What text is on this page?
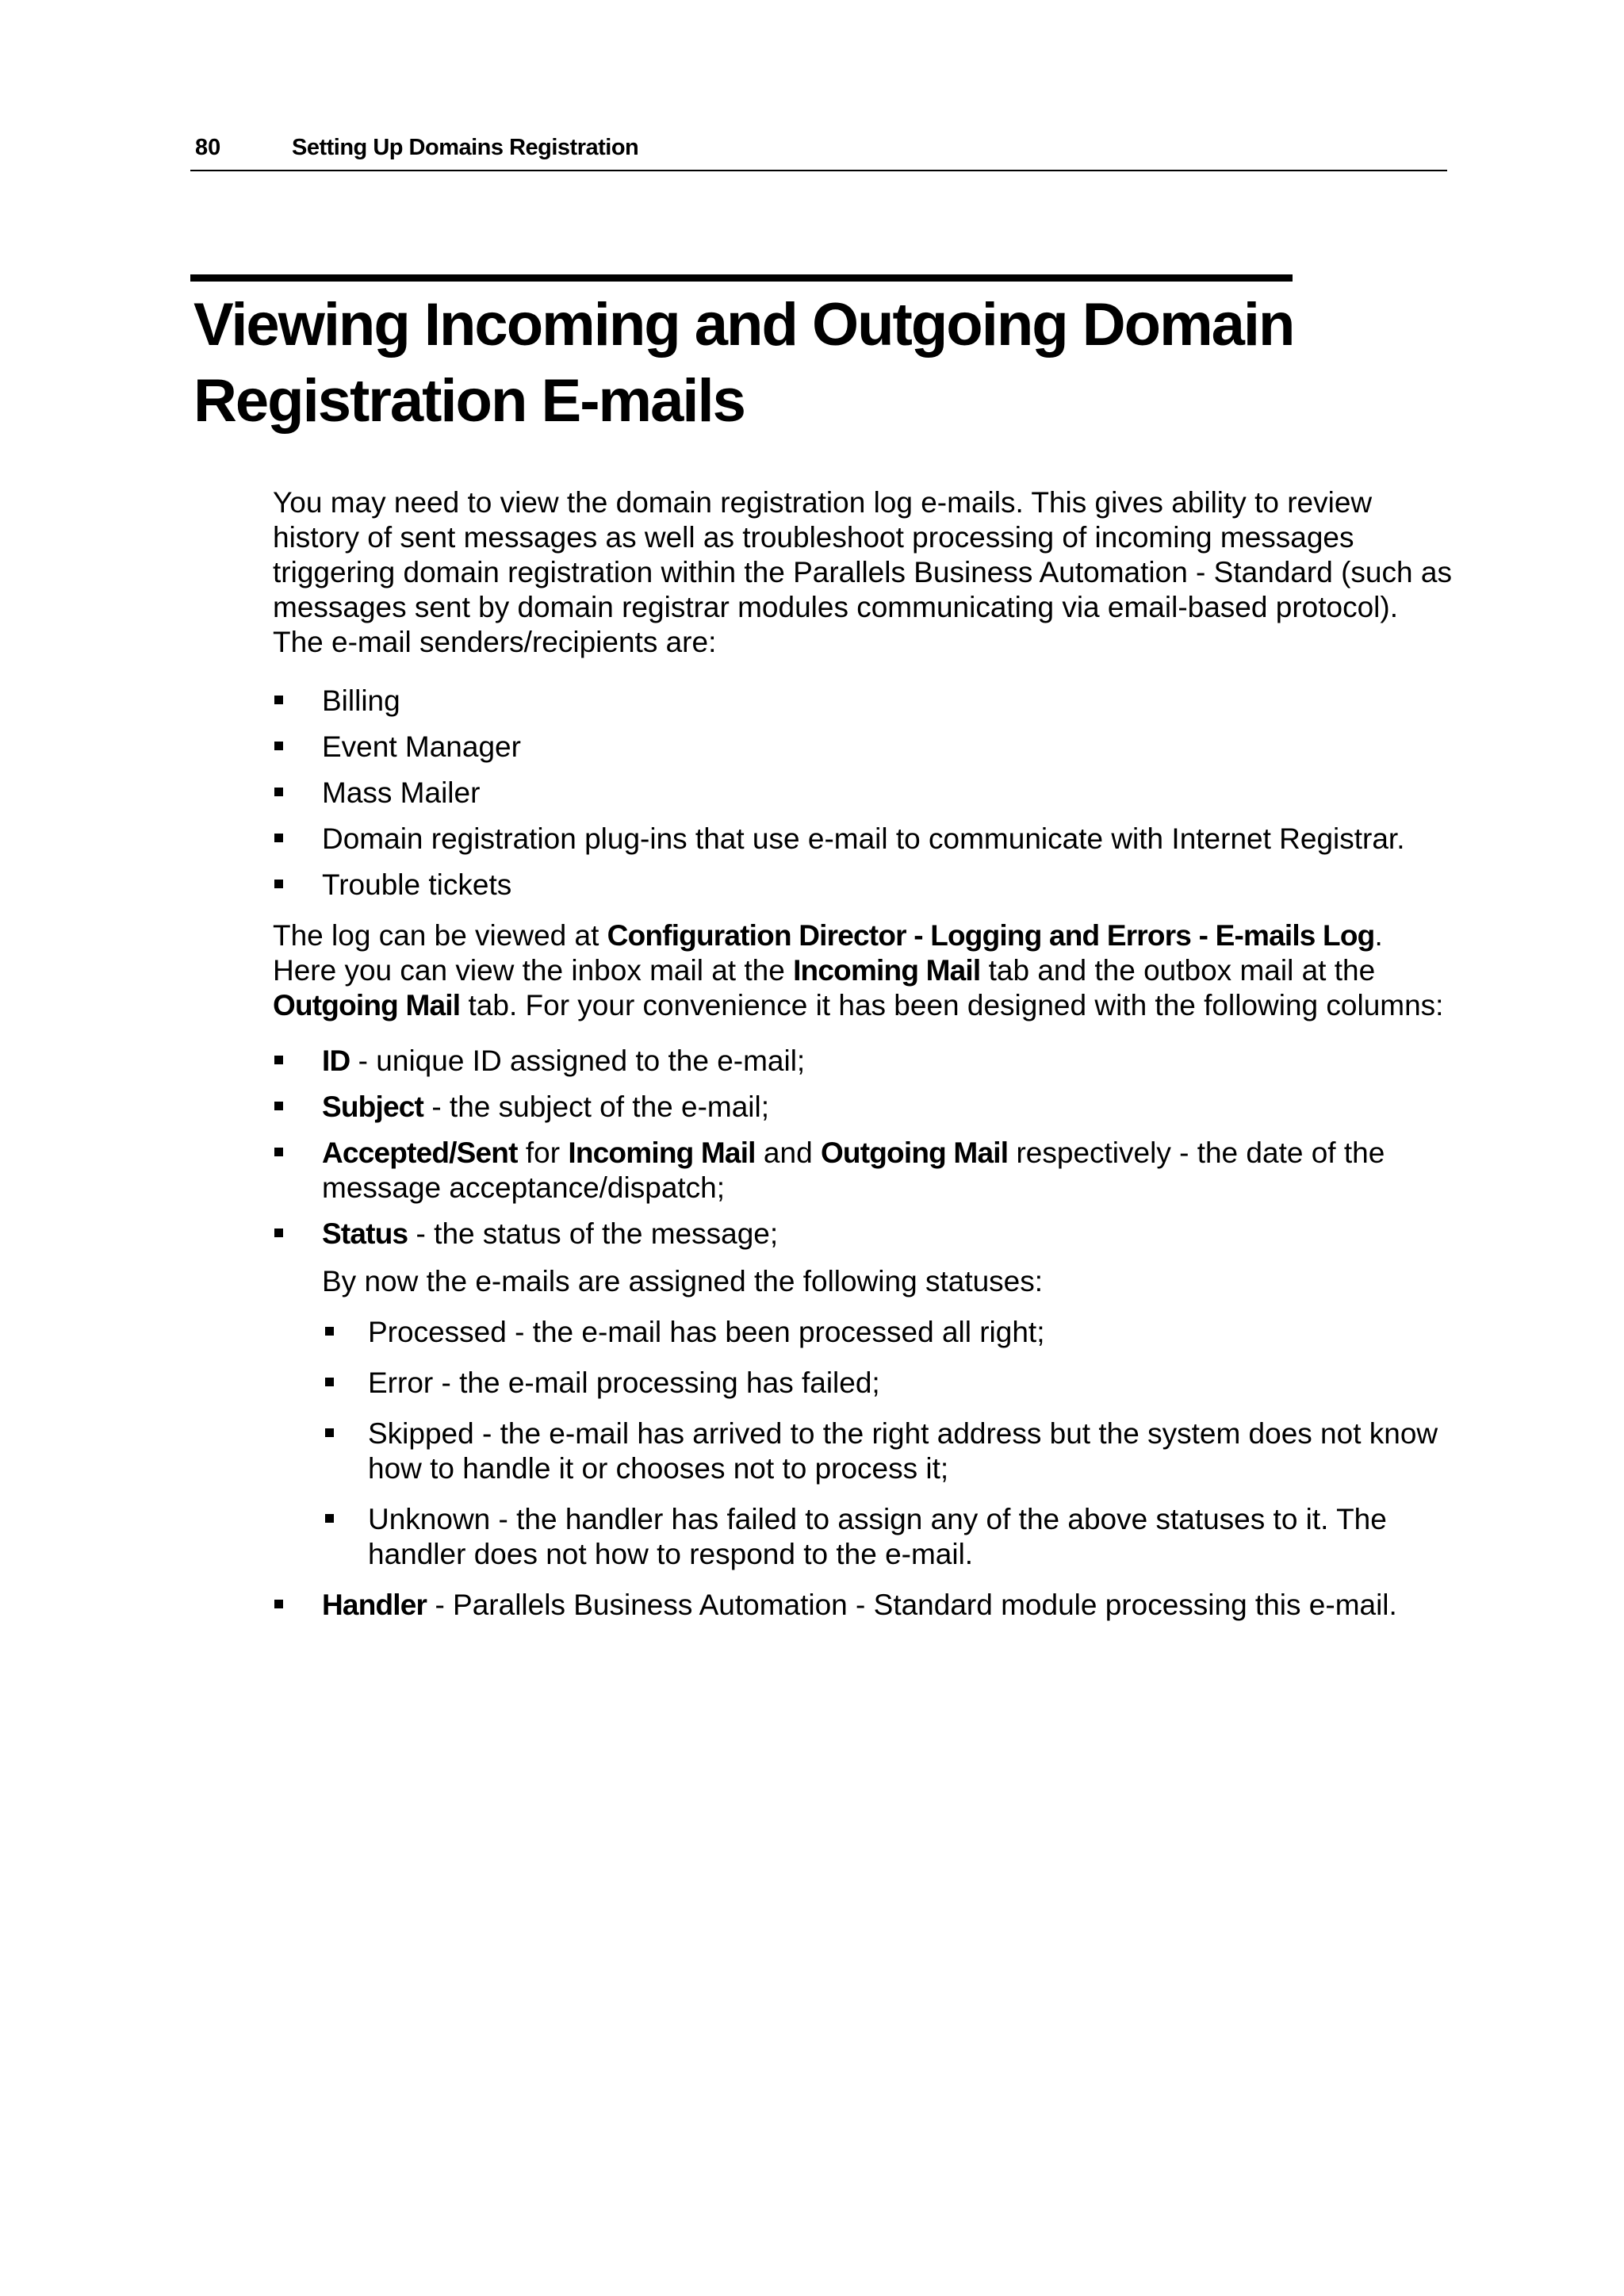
80	Setting Up Domains Registration
Viewing Incoming and Outgoing Domain Registration E-mails

You may need to view the domain registration log e-mails. This gives ability to review history of sent messages as well as troubleshoot processing of incoming messages triggering domain registration within the Parallels Business Automation - Standard (such as messages sent by domain registrar modules communicating via email-based protocol). The e-mail senders/recipients are:

Billing
Event Manager
Mass Mailer
Domain registration plug-ins that use e-mail to communicate with Internet Registrar.
Trouble tickets

The log can be viewed at Configuration Director - Logging and Errors - E-mails Log. Here you can view the inbox mail at the Incoming Mail tab and the outbox mail at the Outgoing Mail tab. For your convenience it has been designed with the following columns:

ID - unique ID assigned to the e-mail;
Subject - the subject of the e-mail;
Accepted/Sent for Incoming Mail and Outgoing Mail respectively - the date of the message acceptance/dispatch;
Status - the status of the message;

By now the e-mails are assigned the following statuses:

Processed - the e-mail has been processed all right;
Error - the e-mail processing has failed;
Skipped - the e-mail has arrived to the right address but the system does not know how to handle it or chooses not to process it;
Unknown - the handler has failed to assign any of the above statuses to it. The handler does not how to respond to the e-mail.
Handler - Parallels Business Automation - Standard module processing this e-mail.
